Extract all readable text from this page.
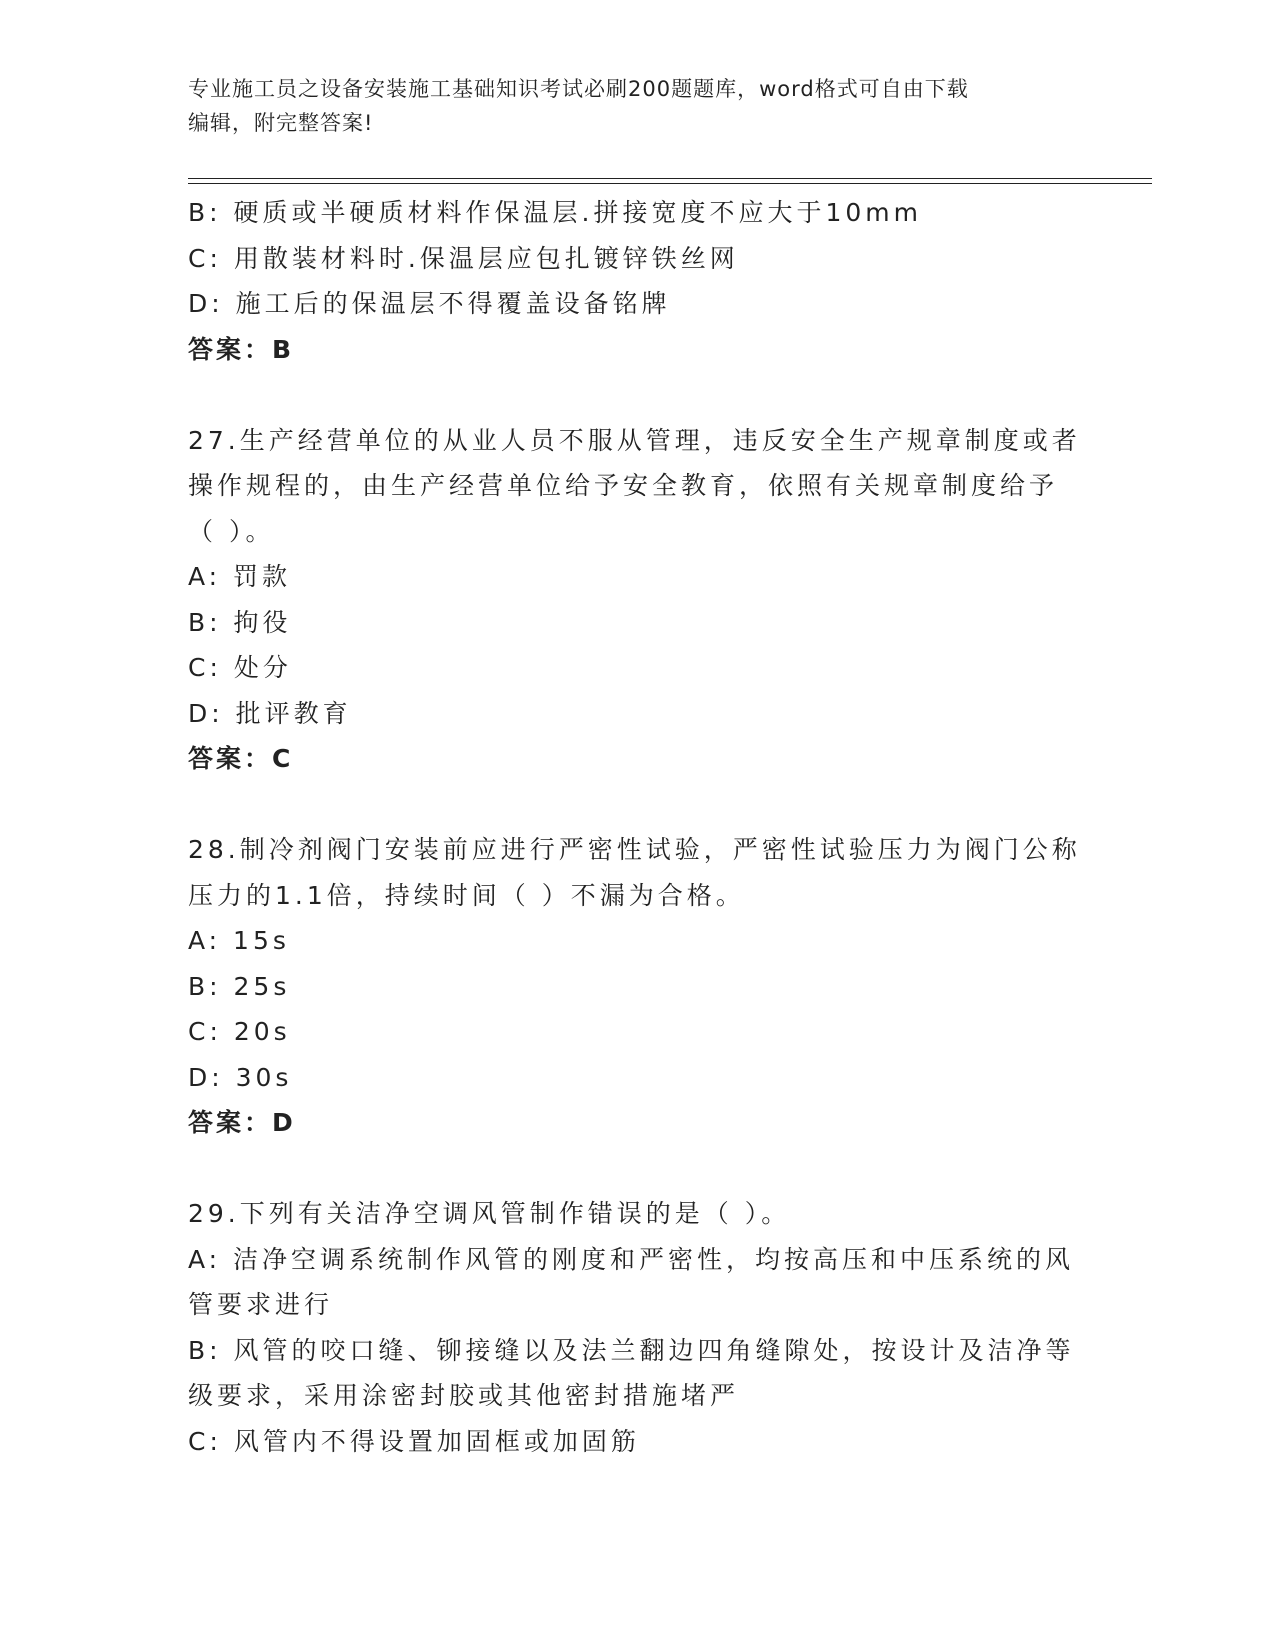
专业施工员之设备安装施工基础知识考试必刷200题题库，word格式可自由下载
编辑，附完整答案!
B: 硬质或半硬质材料作保温层.拼接宽度不应大于10mm
C: 用散装材料时.保温层应包扎镀锌铁丝网
D: 施工后的保温层不得覆盖设备铭牌
答案：B
27.生产经营单位的从业人员不服从管理，违反安全生产规章制度或者
操作规程的，由生产经营单位给予安全教育，依照有关规章制度给予
（ ）。
A: 罚款
B: 拘役
C: 处分
D: 批评教育
答案：C
28.制冷剂阀门安装前应进行严密性试验，严密性试验压力为阀门公称
压力的1.1倍，持续时间（ ）不漏为合格。
A: 15s
B: 25s
C: 20s
D: 30s
答案：D
29.下列有关洁净空调风管制作错误的是（ ）。
A: 洁净空调系统制作风管的刚度和严密性，均按高压和中压系统的风
管要求进行
B: 风管的咬口缝、铆接缝以及法兰翻边四角缝隙处，按设计及洁净等
级要求，采用涂密封胶或其他密封措施堵严
C: 风管内不得设置加固框或加固筋
